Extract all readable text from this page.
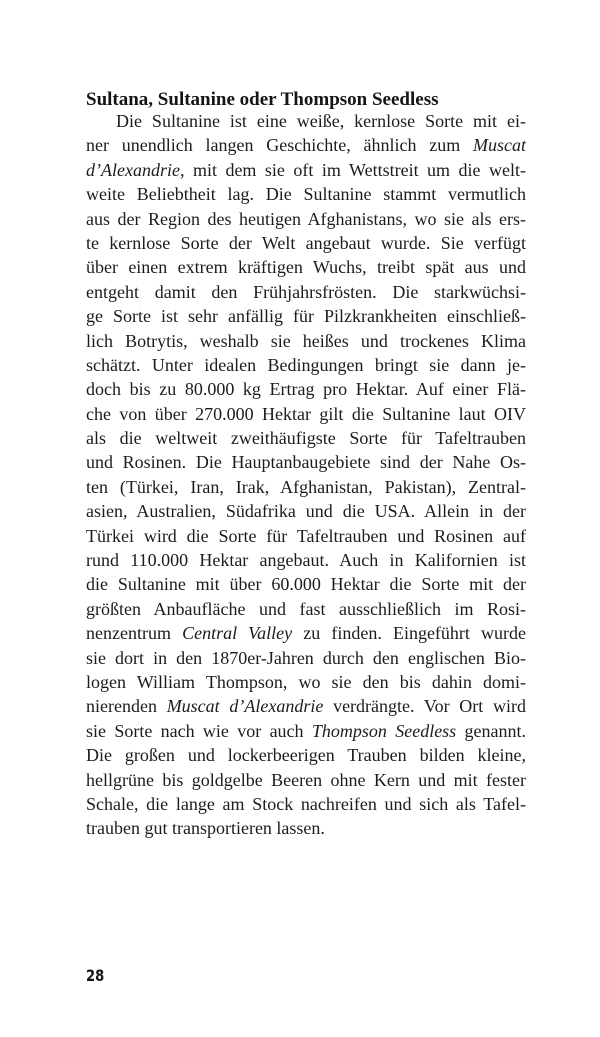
Sultana, Sultanine oder Thompson Seedless
Die Sultanine ist eine weiße, kernlose Sorte mit ei-
ner unendlich langen Geschichte, ähnlich zum Muscat
d’Alexandrie, mit dem sie oft im Wettstreit um die welt-
weite Beliebtheit lag. Die Sultanine stammt vermutlich
aus der Region des heutigen Afghanistans, wo sie als ers-
te kernlose Sorte der Welt angebaut wurde. Sie verfügt
über einen extrem kräftigen Wuchs, treibt spät aus und
entgeht damit den Frühjahrsfrösten. Die starkwüchsi-
ge Sorte ist sehr anfällig für Pilzkrankheiten einschließ-
lich Botrytis, weshalb sie heißes und trockenes Klima
schätzt. Unter idealen Bedingungen bringt sie dann je-
doch bis zu 80.000 kg Ertrag pro Hektar. Auf einer Flä-
che von über 270.000 Hektar gilt die Sultanine laut OIV
als die weltweit zweithäufigste Sorte für Tafeltrauben
und Rosinen. Die Hauptanbaugebiete sind der Nahe Os-
ten (Türkei, Iran, Irak, Afghanistan, Pakistan), Zentral-
asien, Australien, Südafrika und die USA. Allein in der
Türkei wird die Sorte für Tafeltrauben und Rosinen auf
rund 110.000 Hektar angebaut. Auch in Kalifornien ist
die Sultanine mit über 60.000 Hektar die Sorte mit der
größten Anbaufläche und fast ausschließlich im Rosi-
nenzentrum Central Valley zu finden. Eingeführt wurde
sie dort in den 1870er-Jahren durch den englischen Bio-
logen William Thompson, wo sie den bis dahin domi-
nierenden Muscat d’Alexandrie verdrängte. Vor Ort wird
sie Sorte nach wie vor auch Thompson Seedless genannt.
Die großen und lockerbeerigen Trauben bilden kleine,
hellgrüne bis goldgelbe Beeren ohne Kern und mit fester
Schale, die lange am Stock nachreifen und sich als Tafel-
trauben gut transportieren lassen.
28
